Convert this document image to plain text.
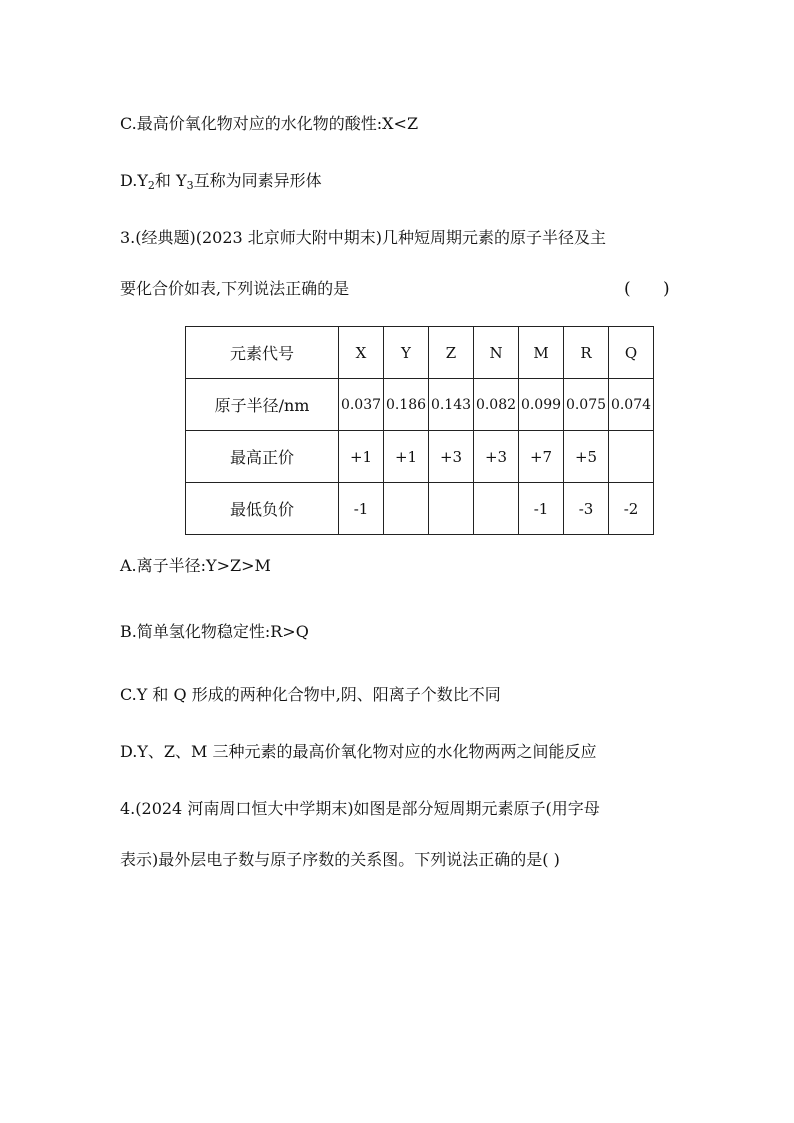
C.最高价氧化物对应的水化物的酸性:X<Z
$D.Y_2$和 $Y_3$互称为同素异形体
3.(经典题)(2023 北京师大附中期末)几种短周期元素的原子半径及主
要化合价如表,下列说法正确的是	(      )
元素代号	X	Y	Z	N	M	R	Q
原子半径/nm	0.037	0.186	0.143	0.082	0.099	0.075	0.074
最高正价	+1	+1	+3	+3	+7	+5	
最低负价	-1				-1	-3	-2
A.离子半径:Y>Z>M
B.简单氢化物稳定性:R>Q
C.Y 和 Q 形成的两种化合物中,阴、阳离子个数比不同
D.Y、Z、M 三种元素的最高价氧化物对应的水化物两两之间能反应
4.(2024 河南周口恒大中学期末)如图是部分短周期元素原子(用字母
表示)最外层电子数与原子序数的关系图。下列说法正确的是( )
